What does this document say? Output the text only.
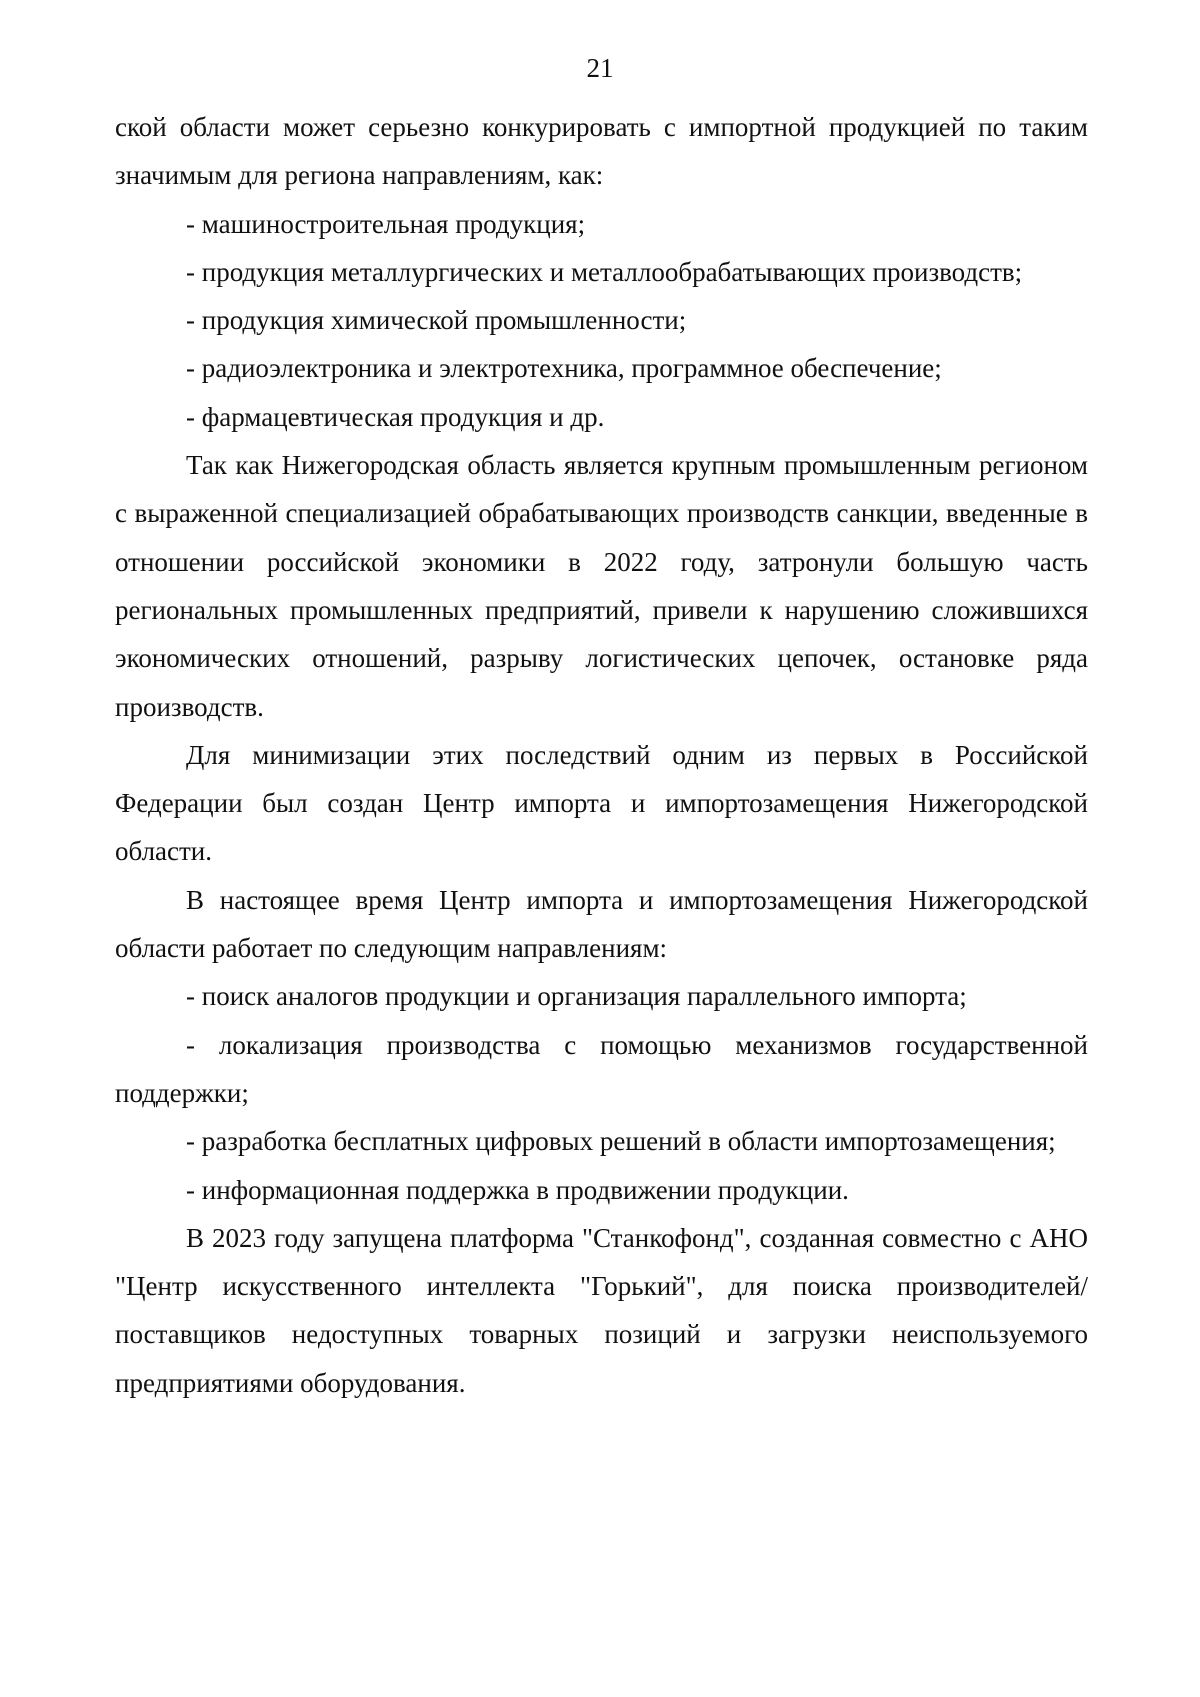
21

ской области может серьезно конкурировать с импортной продукцией по таким значимым для региона направлениям, как:

- машиностроительная продукция;

- продукция металлургических и металлообрабатывающих производств;

- продукция химической промышленности;

- радиоэлектроника и электротехника, программное обеспечение;

- фармацевтическая продукция и др.

Так как Нижегородская область является крупным промышленным регионом с выраженной специализацией обрабатывающих производств санкции, введенные в отношении российской экономики в 2022 году, затронули большую часть региональных промышленных предприятий, привели к нарушению сложившихся экономических отношений, разрыву логистических цепочек, остановке ряда производств.

Для минимизации этих последствий одним из первых в Российской Федерации был создан Центр импорта и импортозамещения Нижегородской области.

В настоящее время Центр импорта и импортозамещения Нижегородской области работает по следующим направлениям:

- поиск аналогов продукции и организация параллельного импорта;

- локализация производства с помощью механизмов государственной поддержки;

- разработка бесплатных цифровых решений в области импортозамещения;

- информационная поддержка в продвижении продукции.

В 2023 году запущена платформа "Станкофонд", созданная совместно с АНО "Центр искусственного интеллекта "Горький", для поиска производителей/поставщиков недоступных товарных позиций и загрузки неиспользуемого предприятиями оборудования.
